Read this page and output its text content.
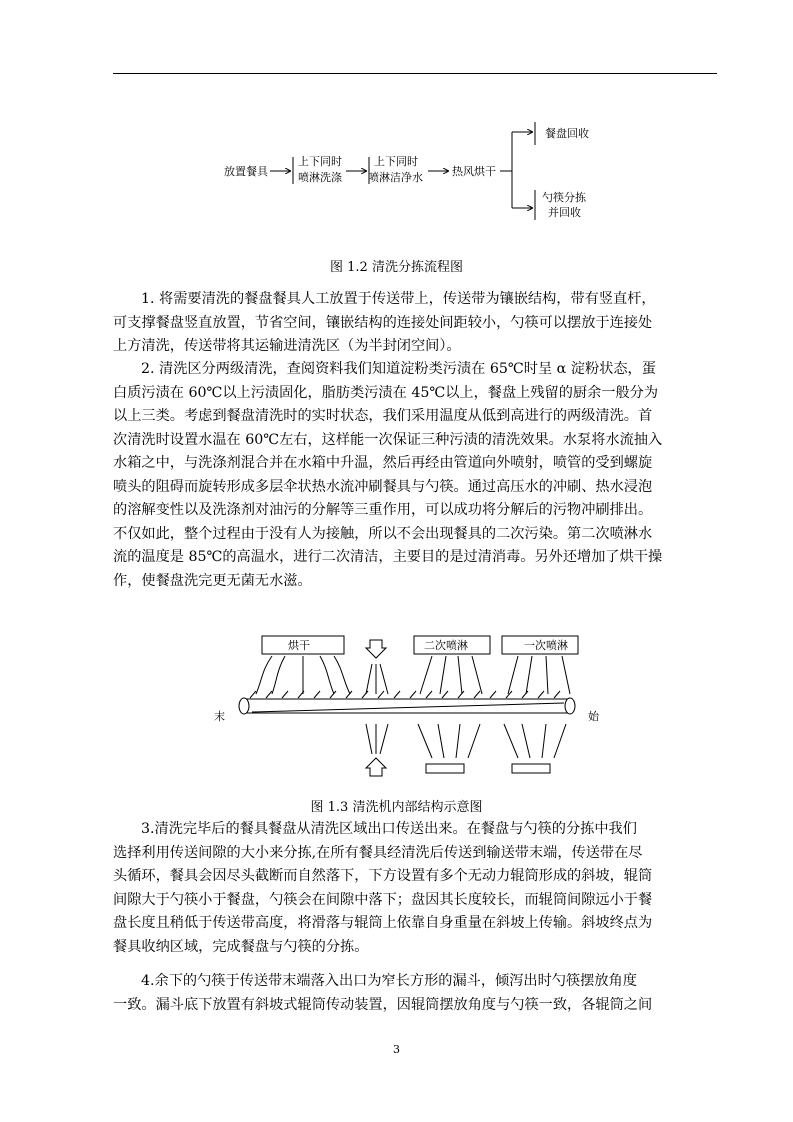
放置餐具
上下同时
喷淋洗涤
上下同时
喷淋洁净水	热风烘干
餐盘回收
勺筷分拣
并回收
图 1.2 清洗分拣流程图
1. 将需要清洗的餐盘餐具人工放置于传送带上，传送带为镶嵌结构，带有竖直杆，
可支撑餐盘竖直放置，节省空间，镶嵌结构的连接处间距较小，勺筷可以摆放于连接处
上方清洗，传送带将其运输进清洗区（为半封闭空间）。
2. 清洗区分两级清洗，查阅资料我们知道淀粉类污渍在 65℃时呈 α 淀粉状态，蛋
白质污渍在 60℃以上污渍固化，脂肪类污渍在 45℃以上，餐盘上残留的厨余一般分为
以上三类。考虑到餐盘清洗时的实时状态，我们采用温度从低到高进行的两级清洗。首
次清洗时设置水温在 60℃左右，这样能一次保证三种污渍的清洗效果。水泵将水流抽入
水箱之中，与洗涤剂混合并在水箱中升温，然后再经由管道向外喷射，喷管的受到螺旋
喷头的阻碍而旋转形成多层伞状热水流冲刷餐具与勺筷。通过高压水的冲刷、热水浸泡
的溶解变性以及洗涤剂对油污的分解等三重作用，可以成功将分解后的污物冲刷排出。
不仅如此，整个过程由于没有人为接触，所以不会出现餐具的二次污染。第二次喷淋水
流的温度是 85℃的高温水，进行二次清洁，主要目的是过清消毒。另外还增加了烘干操
作，使餐盘洗完更无菌无水滋。
烘干	二次喷淋	一次喷淋
末	始
图 1.3 清洗机内部结构示意图
3.清洗完毕后的餐具餐盘从清洗区域出口传送出来。在餐盘与勺筷的分拣中我们
选择利用传送间隙的大小来分拣,在所有餐具经清洗后传送到输送带末端，传送带在尽
头循环，餐具会因尽头截断而自然落下，下方设置有多个无动力辊筒形成的斜坡，辊筒
间隙大于勺筷小于餐盘，勺筷会在间隙中落下；盘因其长度较长，而辊筒间隙远小于餐
盘长度且稍低于传送带高度，将滑落与辊筒上依靠自身重量在斜坡上传输。斜坡终点为
餐具收纳区域，完成餐盘与勺筷的分拣。
4.余下的勺筷于传送带末端落入出口为窄长方形的漏斗，倾泻出时勺筷摆放角度
一致。漏斗底下放置有斜坡式辊筒传动装置，因辊筒摆放角度与勺筷一致，各辊筒之间
3
